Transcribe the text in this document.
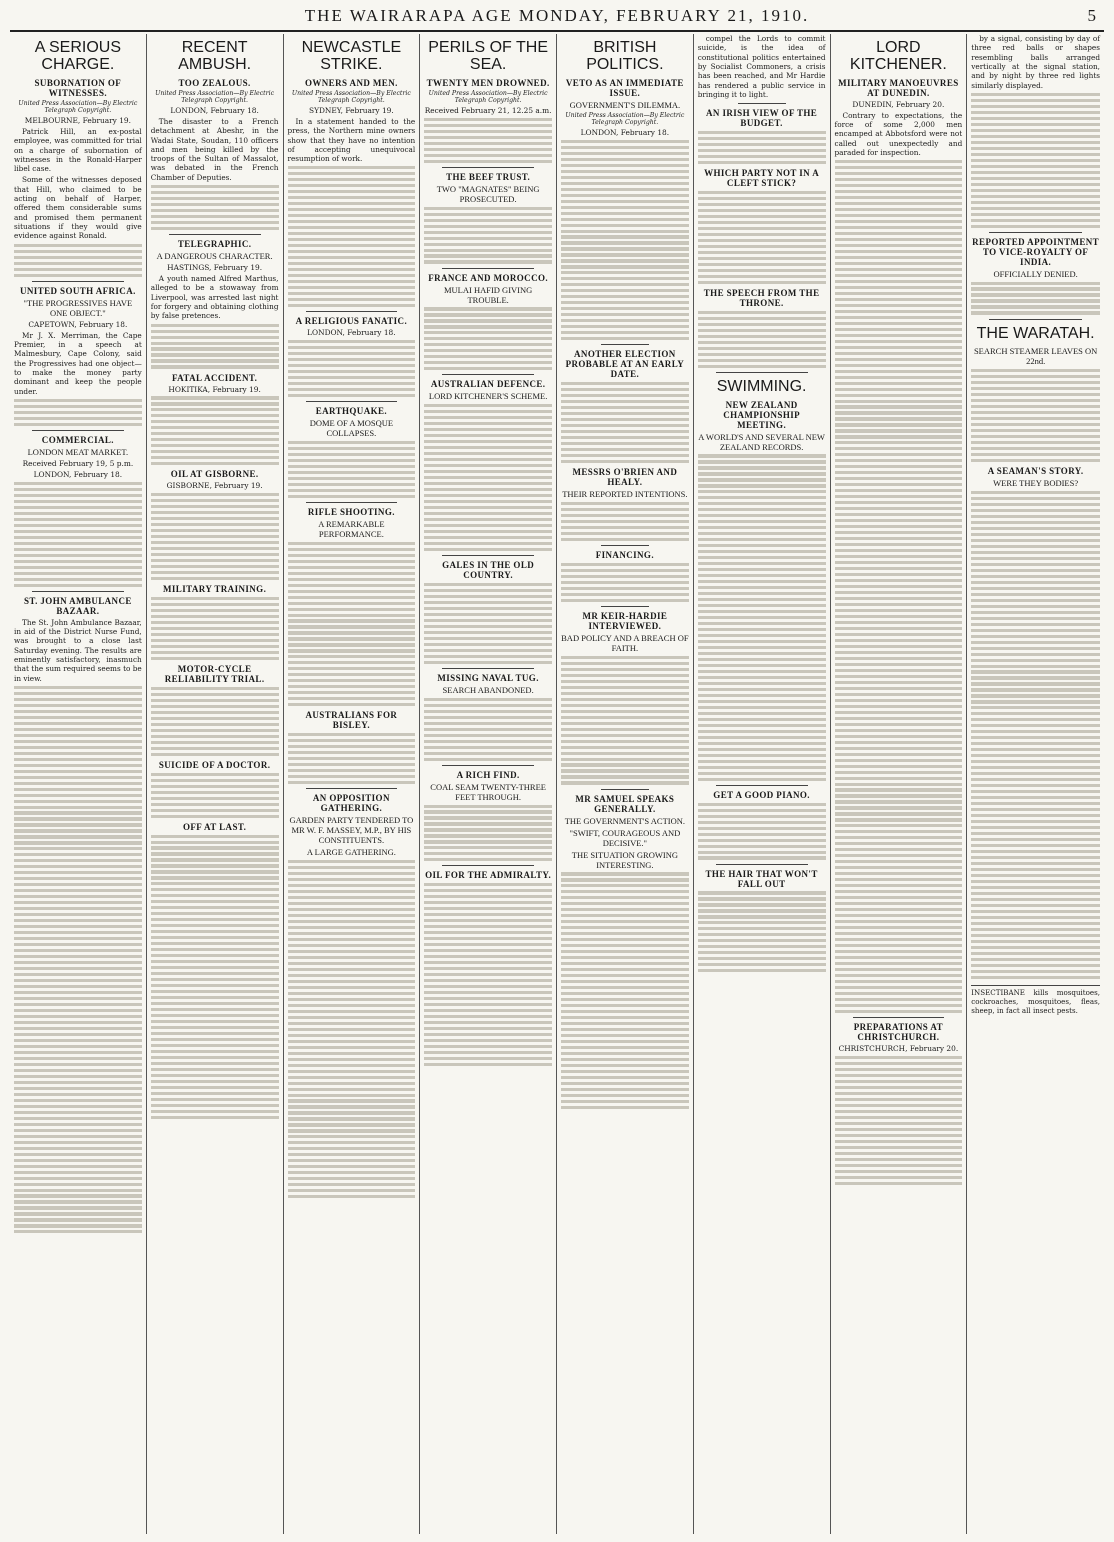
THE WAIRARAPA AGE MONDAY, FEBRUARY 21, 1910.	5
A SERIOUS CHARGE.
SUBORNATION OF WITNESSES.
United Press Association—By Electric Telegraph Copyright.
MELBOURNE, February 19.

Patrick Hill, an ex-postal employee, was committed for trial on a charge of subornation of witnesses in the Ronald-Harper libel case.

Some of the witnesses deposed that Hill, who claimed to be acting on behalf of Harper, offered them considerable sums and promised them permanent situations if they would give evidence against Ronald.

UNITED SOUTH AFRICA.
"THE PROGRESSIVES HAVE ONE OBJECT."
CAPETOWN, February 18.

Mr J. X. Merriman, the Cape Premier, in a speech at Malmesbury, Cape Colony, said the Progressives had one object—to make the money party dominant and keep the people under.

COMMERCIAL.
LONDON MEAT MARKET.
Received February 19, 5 p.m.
LONDON, February 18.
ST. JOHN AMBULANCE BAZAAR.

The St. John Ambulance Bazaar, in aid of the District Nurse Fund, was brought to a close last Saturday evening. The results are eminently satisfactory, inasmuch that the sum required seems to be in view.

RECENT AMBUSH.
TOO ZEALOUS.
United Press Association—By Electric Telegraph Copyright.
LONDON, February 18.

The disaster to a French detachment at Abeshr, in the Wadai State, Soudan, 110 officers and men being killed by the troops of the Sultan of Massalot, was debated in the French Chamber of Deputies.

TELEGRAPHIC.
A DANGEROUS CHARACTER.
HASTINGS, February 19.

A youth named Alfred Marthus, alleged to be a stowaway from Liverpool, was arrested last night for forgery and obtaining clothing by false pretences.

FATAL ACCIDENT.
HOKITIKA, February 19.
OIL AT GISBORNE.
GISBORNE, February 19.
MILITARY TRAINING.
MOTOR-CYCLE RELIABILITY TRIAL.
SUICIDE OF A DOCTOR.
OFF AT LAST.
NEWCASTLE STRIKE.
OWNERS AND MEN.
United Press Association—By Electric Telegraph Copyright.
SYDNEY, February 19.

In a statement handed to the press, the Northern mine owners show that they have no intention of accepting unequivocal resumption of work.

A RELIGIOUS FANATIC.
LONDON, February 18.
EARTHQUAKE.
DOME OF A MOSQUE COLLAPSES.
RIFLE SHOOTING.
A REMARKABLE PERFORMANCE.
AUSTRALIANS FOR BISLEY.
AN OPPOSITION GATHERING.
GARDEN PARTY TENDERED TO MR W. F. MASSEY, M.P., BY HIS CONSTITUENTS.
A LARGE GATHERING.
PERILS OF THE SEA.
TWENTY MEN DROWNED.
United Press Association—By Electric Telegraph Copyright.
Received February 21, 12.25 a.m.
THE BEEF TRUST.
TWO "MAGNATES" BEING PROSECUTED.
FRANCE AND MOROCCO.
MULAI HAFID GIVING TROUBLE.
AUSTRALIAN DEFENCE.
LORD KITCHENER'S SCHEME.
GALES IN THE OLD COUNTRY.
MISSING NAVAL TUG.
SEARCH ABANDONED.
A RICH FIND.
COAL SEAM TWENTY-THREE FEET THROUGH.
OIL FOR THE ADMIRALTY.
BRITISH POLITICS.
VETO AS AN IMMEDIATE ISSUE.
GOVERNMENT'S DILEMMA.
United Press Association—By Electric Telegraph Copyright.
LONDON, February 18.
ANOTHER ELECTION PROBABLE AT AN EARLY DATE.
MESSRS O'BRIEN AND HEALY.
THEIR REPORTED INTENTIONS.
FINANCING.
MR KEIR-HARDIE INTERVIEWED.
BAD POLICY AND A BREACH OF FAITH.
MR SAMUEL SPEAKS GENERALLY.
THE GOVERNMENT'S ACTION.
"SWIFT, COURAGEOUS AND DECISIVE."
THE SITUATION GROWING INTERESTING.

compel the Lords to commit suicide, is the idea of constitutional politics entertained by Socialist Commoners, a crisis has been reached, and Mr Hardie has rendered a public service in bringing it to light.

AN IRISH VIEW OF THE BUDGET.
WHICH PARTY NOT IN A CLEFT STICK?
THE SPEECH FROM THE THRONE.
SWIMMING.
NEW ZEALAND CHAMPIONSHIP MEETING.
A WORLD'S AND SEVERAL NEW ZEALAND RECORDS.
GET A GOOD PIANO.
THE HAIR THAT WON'T FALL OUT
LORD KITCHENER.
MILITARY MANOEUVRES AT DUNEDIN.
DUNEDIN, February 20.

Contrary to expectations, the force of some 2,000 men encamped at Abbotsford were not called out unexpectedly and paraded for inspection.

PREPARATIONS AT CHRISTCHURCH.
CHRISTCHURCH, February 20.

by a signal, consisting by day of three red balls or shapes resembling balls arranged vertically at the signal station, and by night by three red lights similarly displayed.

REPORTED APPOINTMENT TO VICE-ROYALTY OF INDIA.
OFFICIALLY DENIED.
THE WARATAH.
SEARCH STEAMER LEAVES ON 22nd.
A SEAMAN'S STORY.
WERE THEY BODIES?
INSECTIBANE kills mosquitoes, cockroaches, mosquitoes, fleas, sheep, in fact all insect pests.
